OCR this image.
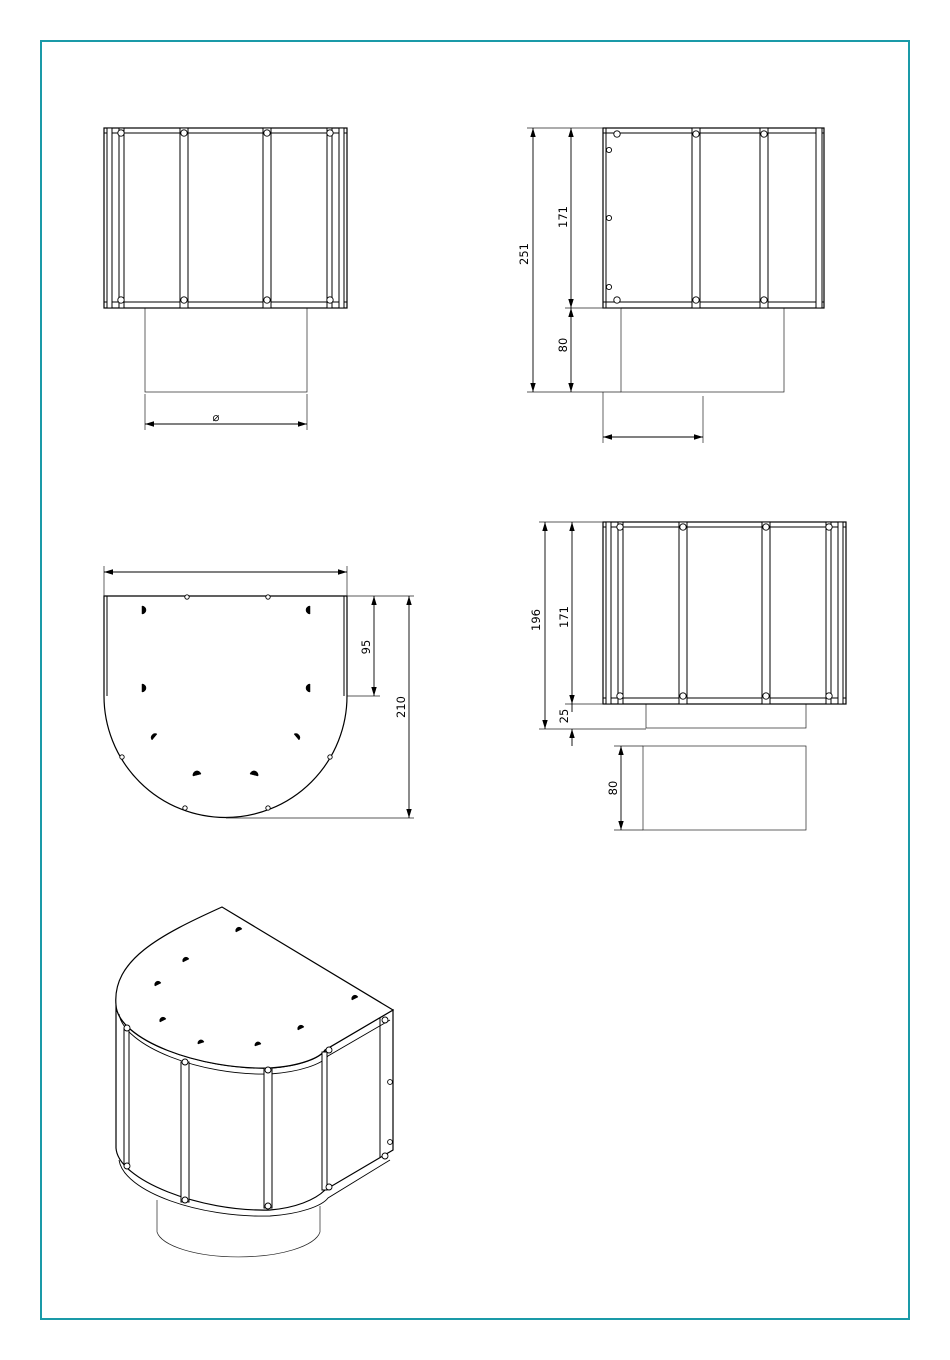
⌀
251
171
80
95
210
196 171
25
80
